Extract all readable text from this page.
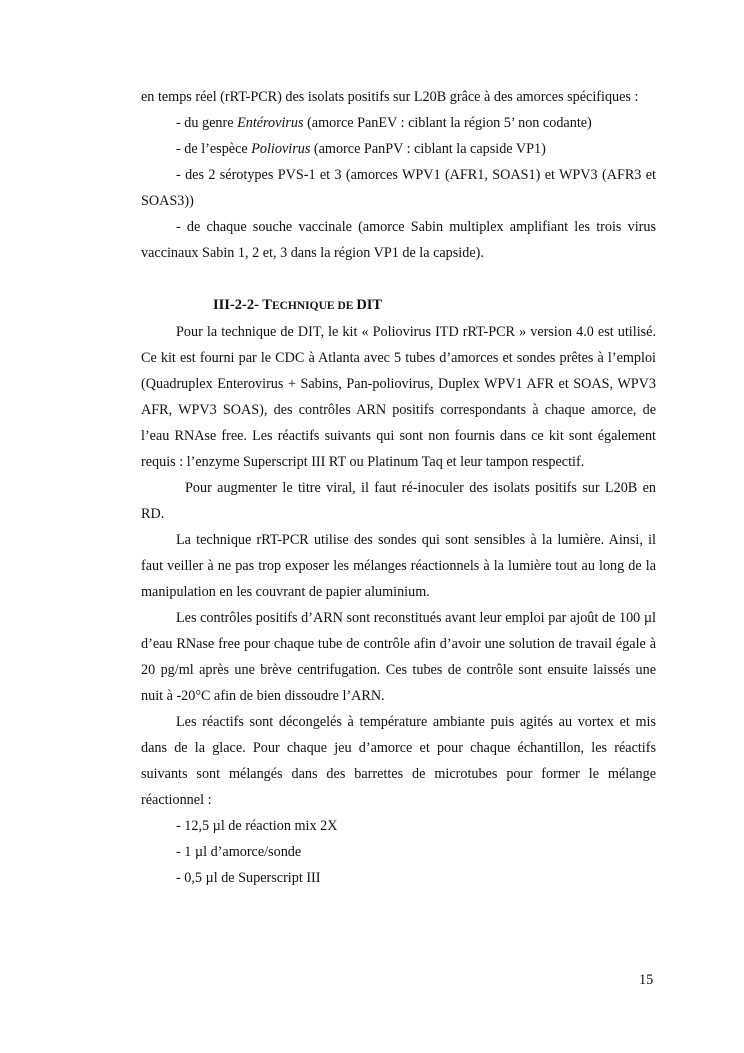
en temps réel (rRT-PCR) des isolats positifs sur L20B grâce à des amorces spécifiques :

- du genre Entérovirus (amorce PanEV : ciblant la région 5’ non codante)

- de l’espèce Poliovirus (amorce PanPV : ciblant la capside VP1)

- des 2 sérotypes PVS-1 et 3 (amorces WPV1 (AFR1, SOAS1) et WPV3 (AFR3 et SOAS3))

- de chaque souche vaccinale (amorce Sabin multiplex amplifiant les trois virus vaccinaux Sabin 1, 2 et, 3 dans la région VP1 de la capside).

III-2-2- TECHNIQUE DE DIT

Pour la technique de DIT, le kit « Poliovirus ITD rRT-PCR » version 4.0 est utilisé. Ce kit est fourni par le CDC à Atlanta avec 5 tubes d’amorces et sondes prêtes à l’emploi (Quadruplex Enterovirus + Sabins, Pan-poliovirus, Duplex WPV1 AFR et SOAS, WPV3 AFR, WPV3 SOAS), des contrôles ARN positifs correspondants à chaque amorce, de l’eau RNAse free. Les réactifs suivants qui sont non fournis dans ce kit sont également requis : l’enzyme Superscript III RT ou Platinum Taq et leur tampon respectif.

Pour augmenter le titre viral, il faut ré-inoculer des isolats positifs sur L20B en RD.

La technique rRT-PCR utilise des sondes qui sont sensibles à la lumière. Ainsi, il faut veiller à ne pas trop exposer les mélanges réactionnels à la lumière tout au long de la manipulation en les couvrant de papier aluminium.

Les contrôles positifs d’ARN sont reconstitués avant leur emploi par ajoût de 100 µl d’eau RNase free pour chaque tube de contrôle afin d’avoir une solution de travail égale à 20 pg/ml après une brève centrifugation. Ces tubes de contrôle sont ensuite laissés une nuit à -20°C afin de bien dissoudre l’ARN.

Les réactifs sont décongelés à température ambiante puis agités au vortex et mis dans de la glace. Pour chaque jeu d’amorce et pour chaque échantillon, les réactifs suivants sont mélangés dans des barrettes de microtubes pour former le mélange réactionnel :

- 12,5 µl de réaction mix 2X

- 1 µl d’amorce/sonde

- 0,5 µl de Superscript III

15
